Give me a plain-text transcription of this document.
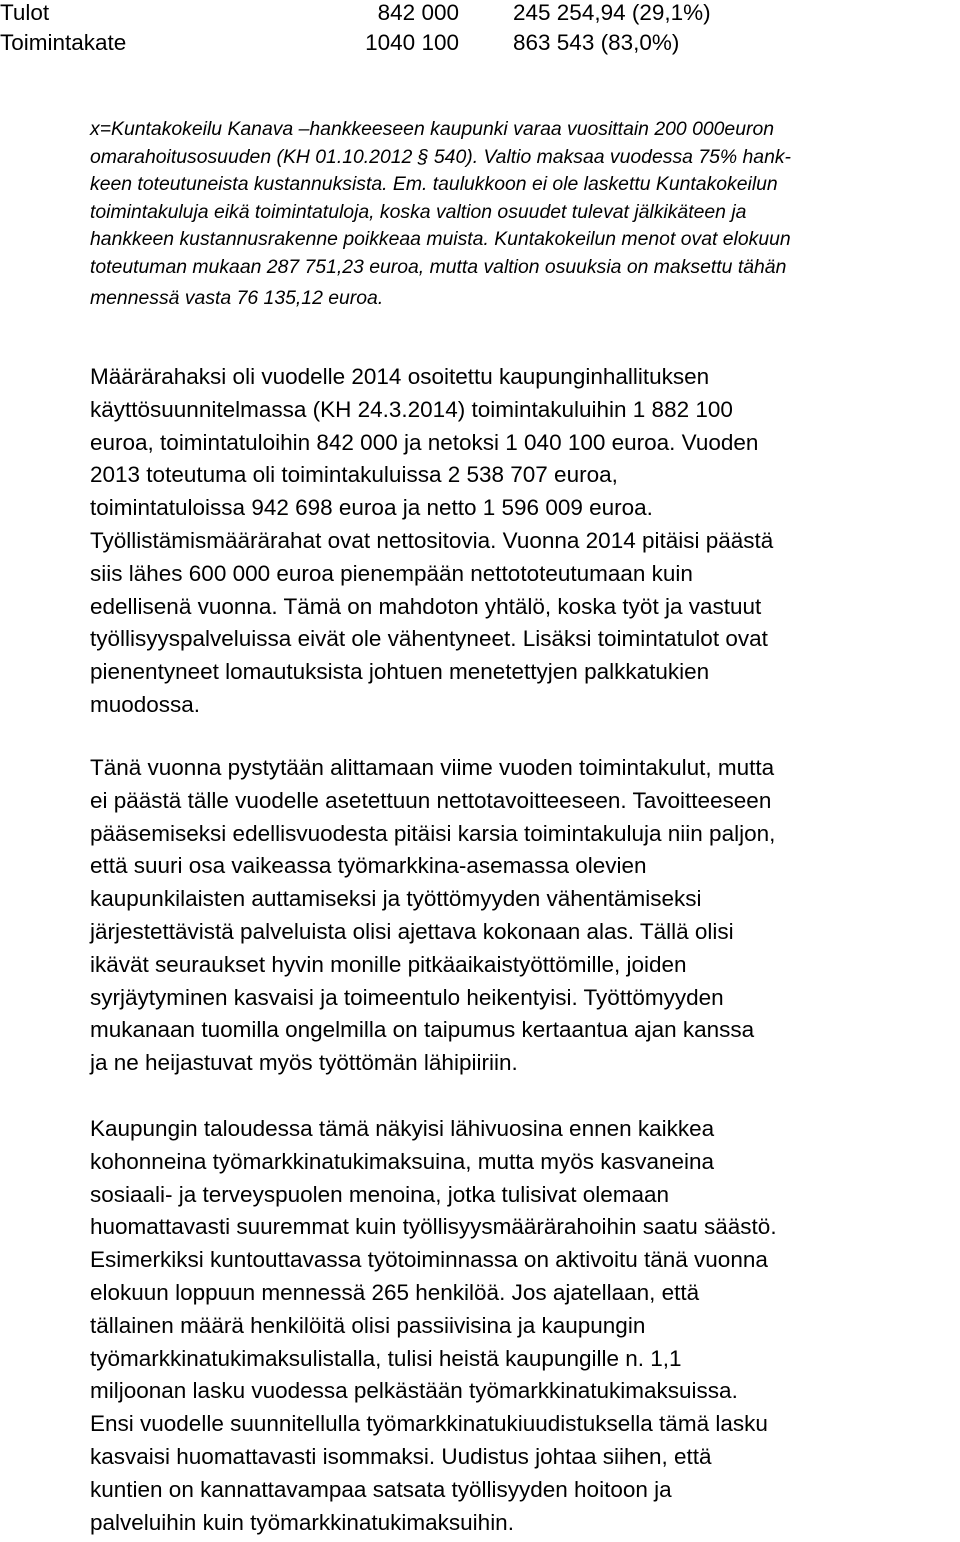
Tulot	842 000 245 254,94 (29,1%)
Toimintakate	1040 100 863 543 (83,0%)

x=Kuntakokeilu Kanava –hankkeeseen kaupunki varaa vuosittain 200 000euron
omarahoitusosuuden (KH 01.10.2012 § 540). Valtio maksaa vuodessa 75% hank-
keen toteutuneista kustannuksista. Em. taulukkoon ei ole laskettu Kuntakokeilun
toimintakuluja eikä toimintatuloja, koska valtion osuudet tulevat jälkikäteen ja
hankkeen kustannusrakenne poikkeaa muista. Kuntakokeilun menot ovat elokuun
toteutuman mukaan 287 751,23 euroa, mutta valtion osuuksia on maksettu tähän
mennessä vasta 76 135,12 euroa.

Määrärahaksi oli vuodelle 2014 osoitettu kaupunginhallituksen
käyttösuunnitelmassa (KH 24.3.2014) toimintakuluihin 1 882 100
euroa, toimintatuloihin 842 000 ja netoksi 1 040 100 euroa. Vuoden
2013 toteutuma oli toimintakuluissa 2 538 707 euroa,
toimintatuloissa 942 698 euroa ja netto 1 596 009 euroa.
Työllistämismäärärahat ovat nettositovia. Vuonna 2014 pitäisi päästä
siis lähes 600 000 euroa pienempään nettototeutumaan kuin
edellisenä vuonna. Tämä on mahdoton yhtälö, koska työt ja vastuut
työllisyyspalveluissa eivät ole vähentyneet. Lisäksi toimintatulot ovat
pienentyneet lomautuksista johtuen menetettyjen palkkatukien
muodossa.

Tänä vuonna pystytään alittamaan viime vuoden toimintakulut, mutta
ei päästä tälle vuodelle asetettuun nettotavoitteeseen. Tavoitteeseen
pääsemiseksi edellisvuodesta pitäisi karsia toimintakuluja niin paljon,
että suuri osa vaikeassa työmarkkina-asemassa olevien
kaupunkilaisten auttamiseksi ja työttömyyden vähentämiseksi
järjestettävistä palveluista olisi ajettava kokonaan alas. Tällä olisi
ikävät seuraukset hyvin monille pitkäaikaistyöttömille, joiden
syrjäytyminen kasvaisi ja toimeentulo heikentyisi. Työttömyyden
mukanaan tuomilla ongelmilla on taipumus kertaantua ajan kanssa
ja ne heijastuvat myös työttömän lähipiiriin.

Kaupungin taloudessa tämä näkyisi lähivuosina ennen kaikkea
kohonneina työmarkkinatukimaksuina, mutta myös kasvaneina
sosiaali- ja terveyspuolen menoina, jotka tulisivat olemaan
huomattavasti suuremmat kuin työllisyysmäärärahoihin saatu säästö.
Esimerkiksi kuntouttavassa työtoiminnassa on aktivoitu tänä vuonna
elokuun loppuun mennessä 265 henkilöä. Jos ajatellaan, että
tällainen määrä henkilöitä olisi passiivisina ja kaupungin
työmarkkinatukimaksulistalla, tulisi heistä kaupungille n. 1,1
miljoonan lasku vuodessa pelkästään työmarkkinatukimaksuissa.
Ensi vuodelle suunnitellulla työmarkkinatukiuudistuksella tämä lasku
kasvaisi huomattavasti isommaksi. Uudistus johtaa siihen, että
kuntien on kannattavampaa satsata työllisyyden hoitoon ja
palveluihin kuin työmarkkinatukimaksuihin.
